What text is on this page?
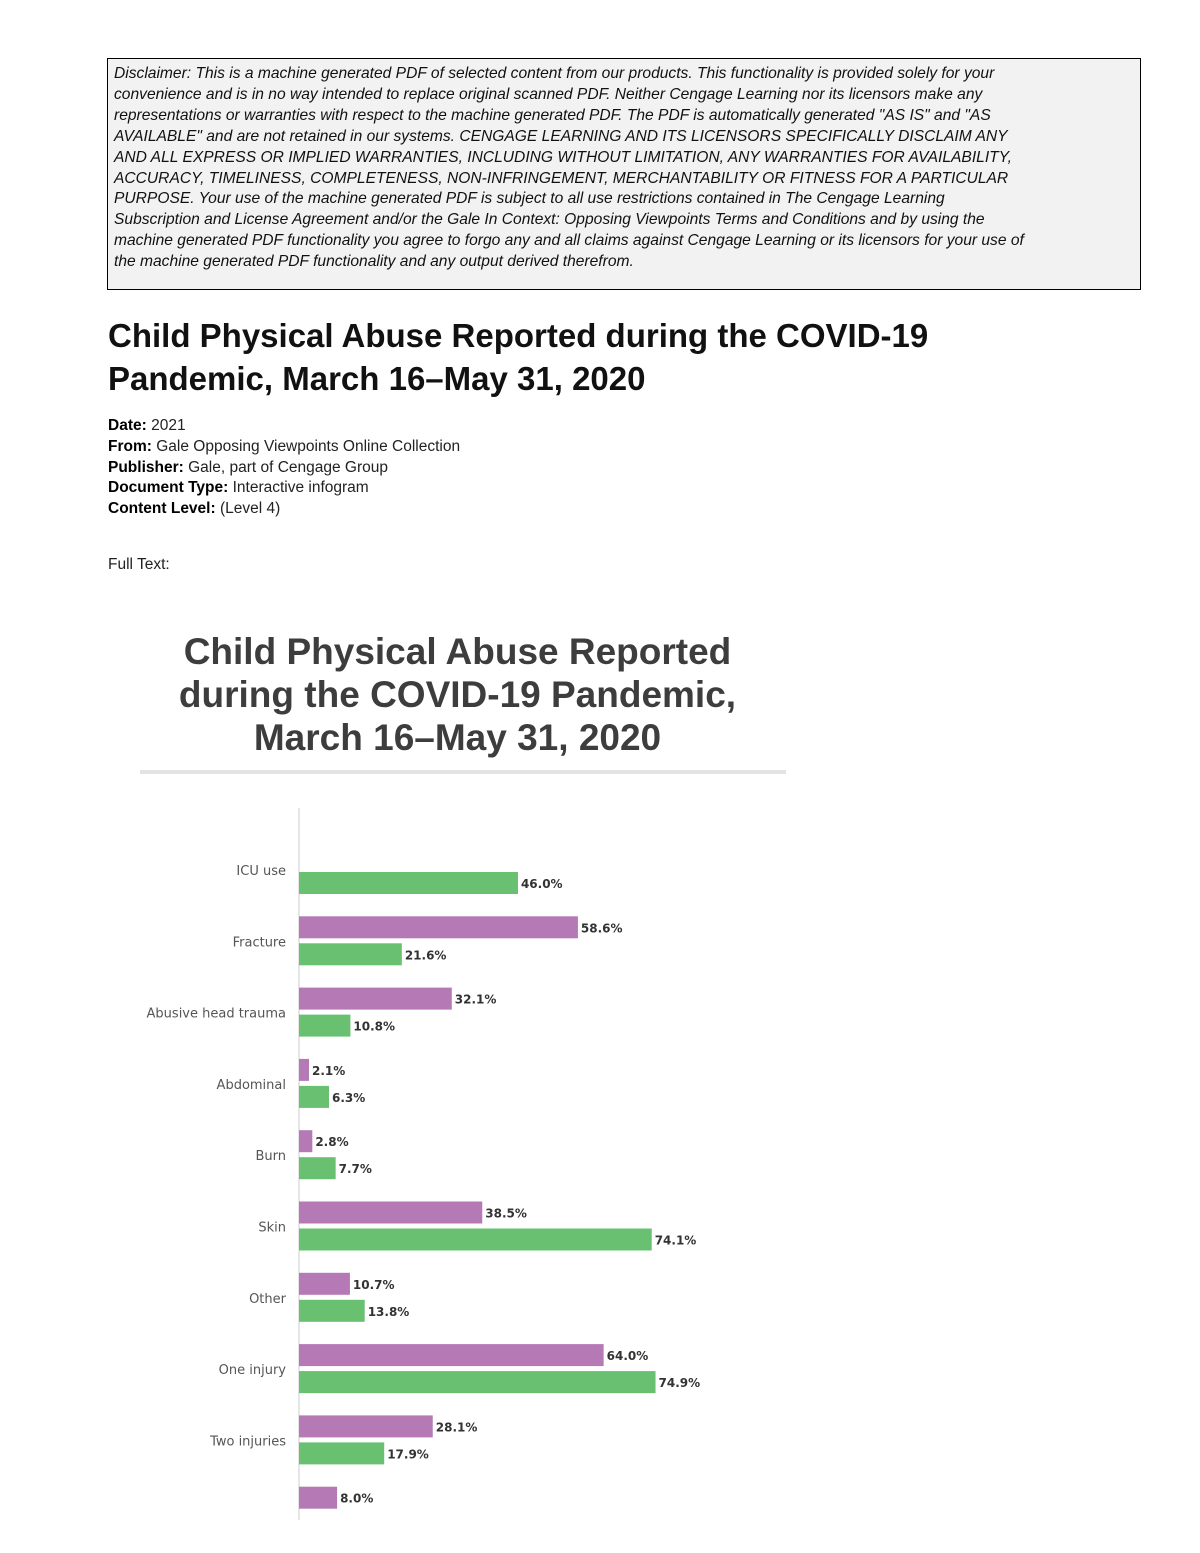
Disclaimer: This is a machine generated PDF of selected content from our products. This functionality is provided solely for your
convenience and is in no way intended to replace original scanned PDF. Neither Cengage Learning nor its licensors make any
representations or warranties with respect to the machine generated PDF. The PDF is automatically generated "AS IS" and "AS
AVAILABLE" and are not retained in our systems. CENGAGE LEARNING AND ITS LICENSORS SPECIFICALLY DISCLAIM ANY
AND ALL EXPRESS OR IMPLIED WARRANTIES, INCLUDING WITHOUT LIMITATION, ANY WARRANTIES FOR AVAILABILITY,
ACCURACY, TIMELINESS, COMPLETENESS, NON-INFRINGEMENT, MERCHANTABILITY OR FITNESS FOR A PARTICULAR
PURPOSE. Your use of the machine generated PDF is subject to all use restrictions contained in The Cengage Learning
Subscription and License Agreement and/or the Gale In Context: Opposing Viewpoints Terms and Conditions and by using the
machine generated PDF functionality you agree to forgo any and all claims against Cengage Learning or its licensors for your use of
the machine generated PDF functionality and any output derived therefrom.
Child Physical Abuse Reported during the COVID-19
Pandemic, March 16–May 31, 2020
Date: 2021
From: Gale Opposing Viewpoints Online Collection
Publisher: Gale, part of Cengage Group
Document Type: Interactive infogram
Content Level: (Level 4)
Full Text:
Child Physical Abuse Reported
during the COVID-19 Pandemic,
March 16–May 31, 2020
ICU use
46.0%
Fracture
58.6%
21.6%
Abusive head trauma
32.1%
10.8%
Abdominal
2.1%
6.3%
Burn
2.8%
7.7%
Skin
38.5%
74.1%
Other
10.7%
13.8%
One injury
64.0%
74.9%
Two injuries
28.1%
17.9%
8.0%
